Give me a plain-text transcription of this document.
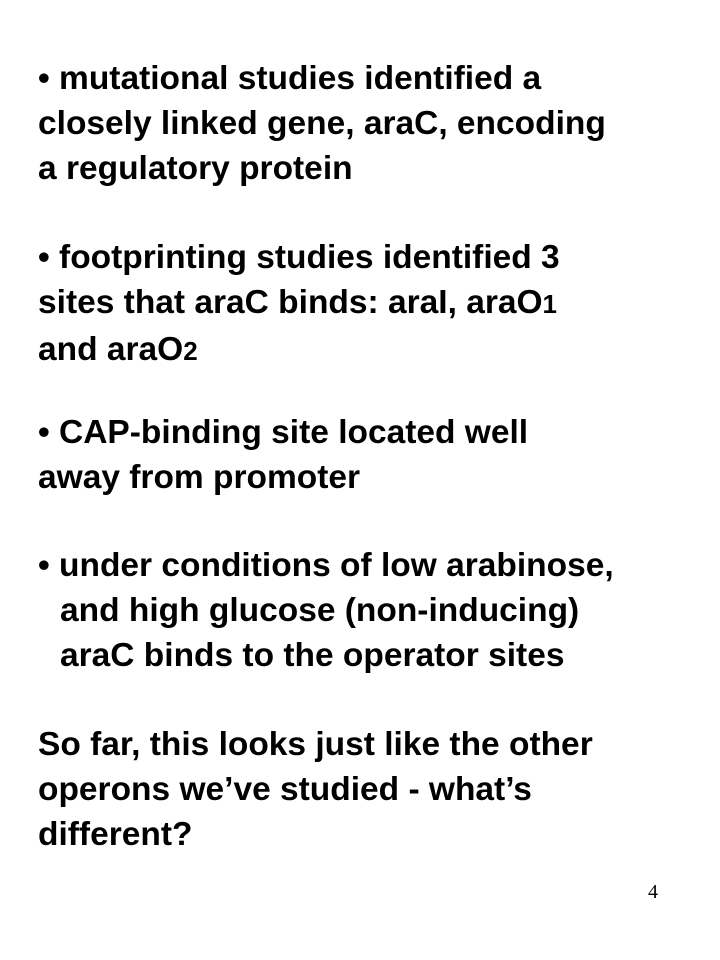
• mutational studies identified a
closely linked gene, araC, encoding
a regulatory protein

• footprinting studies identified 3
sites that araC binds: araI, araO1
and araO2

• CAP-binding site located well
away from promoter

• under conditions of low arabinose,
and high glucose (non-inducing)
araC binds to the operator sites

So far, this looks just like the other
operons we’ve studied - what’s
different?

4
